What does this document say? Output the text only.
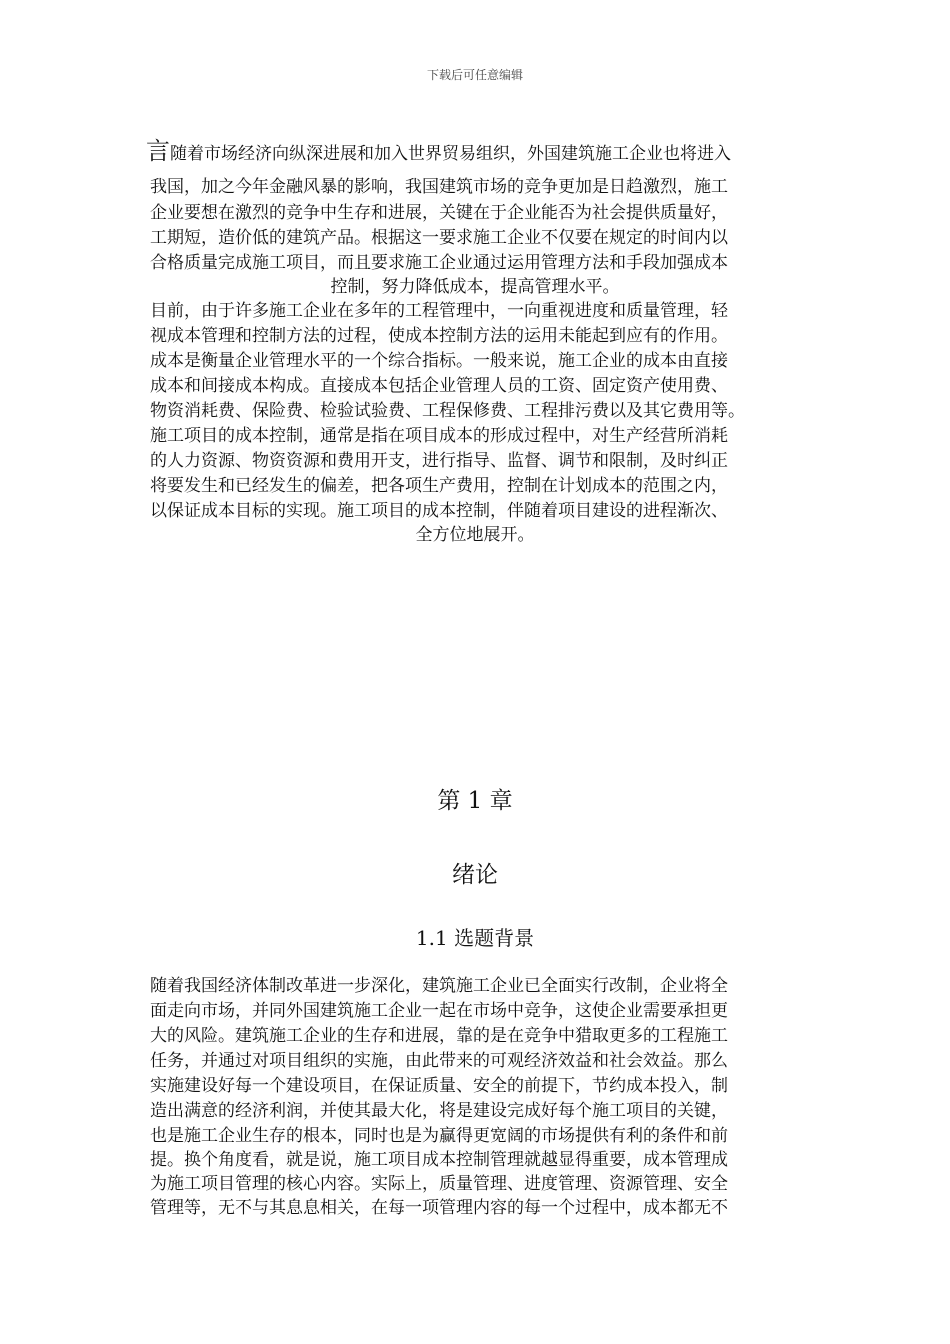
下载后可任意编辑
言随着市场经济向纵深进展和加入世界贸易组织，外国建筑施工企业也将进入
我国，加之今年金融风暴的影响，我国建筑市场的竞争更加是日趋激烈，施工
企业要想在激烈的竞争中生存和进展，关键在于企业能否为社会提供质量好，
工期短，造价低的建筑产品。根据这一要求施工企业不仅要在规定的时间内以
合格质量完成施工项目，而且要求施工企业通过运用管理方法和手段加强成本
控制，努力降低成本，提高管理水平。
目前，由于许多施工企业在多年的工程管理中，一向重视进度和质量管理，轻
视成本管理和控制方法的过程，使成本控制方法的运用未能起到应有的作用。
成本是衡量企业管理水平的一个综合指标。一般来说，施工企业的成本由直接
成本和间接成本构成。直接成本包括企业管理人员的工资、固定资产使用费、
物资消耗费、保险费、检验试验费、工程保修费、工程排污费以及其它费用等。
施工项目的成本控制，通常是指在项目成本的形成过程中，对生产经营所消耗
的人力资源、物资资源和费用开支，进行指导、监督、调节和限制，及时纠正
将要发生和已经发生的偏差，把各项生产费用，控制在计划成本的范围之内，
以保证成本目标的实现。施工项目的成本控制，伴随着项目建设的进程渐次、
全方位地展开。
第 1 章
绪论
1.1 选题背景
随着我国经济体制改革进一步深化，建筑施工企业已全面实行改制，企业将全
面走向市场，并同外国建筑施工企业一起在市场中竞争，这使企业需要承担更
大的风险。建筑施工企业的生存和进展，靠的是在竞争中猎取更多的工程施工
任务，并通过对项目组织的实施，由此带来的可观经济效益和社会效益。那么
实施建设好每一个建设项目，在保证质量、安全的前提下，节约成本投入，制
造出满意的经济利润，并使其最大化，将是建设完成好每个施工项目的关键，
也是施工企业生存的根本，同时也是为赢得更宽阔的市场提供有利的条件和前
提。换个角度看，就是说，施工项目成本控制管理就越显得重要，成本管理成
为施工项目管理的核心内容。实际上，质量管理、进度管理、资源管理、安全
管理等，无不与其息息相关，在每一项管理内容的每一个过程中，成本都无不
